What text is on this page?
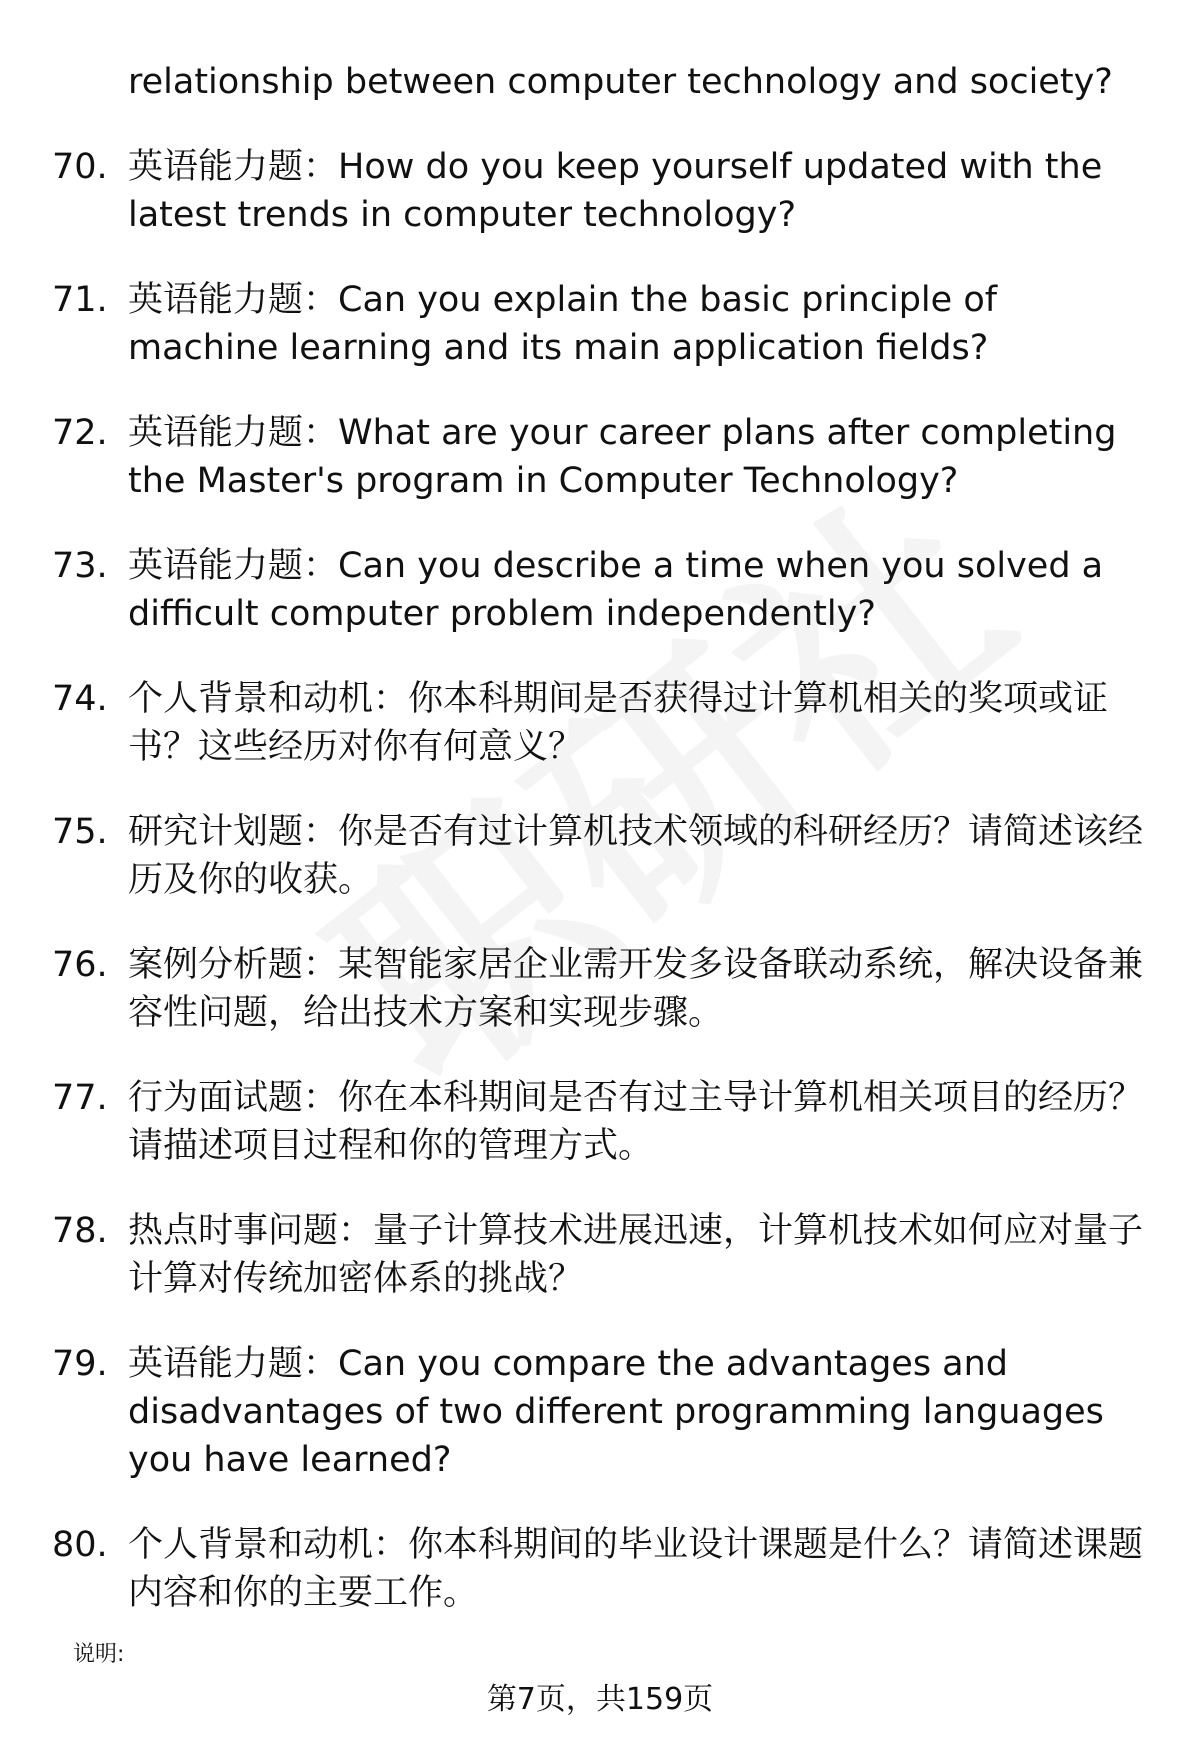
relationship between computer technology and society?

70. 英语能力题：How do you keep yourself updated with the latest trends in computer technology?
71. 英语能力题：Can you explain the basic principle of machine learning and its main application fields?
72. 英语能力题：What are your career plans after completing the Master's program in Computer Technology?
73. 英语能力题：Can you describe a time when you solved a difficult computer problem independently?
74. 个人背景和动机：你本科期间是否获得过计算机相关的奖项或证书？这些经历对你有何意义？
75. 研究计划题：你是否有过计算机技术领域的科研经历？请简述该经历及你的收获。
76. 案例分析题：某智能家居企业需开发多设备联动系统，解决设备兼容性问题，给出技术方案和实现步骤。
77. 行为面试题：你在本科期间是否有过主导计算机相关项目的经历？请描述项目过程和你的管理方式。
78. 热点时事问题：量子计算技术进展迅速，计算机技术如何应对量子计算对传统加密体系的挑战？
79. 英语能力题：Can you compare the advantages and disadvantages of two different programming languages you have learned?
80. 个人背景和动机：你本科期间的毕业设计课题是什么？请简述课题内容和你的主要工作。

说明:

第7页，共159页
